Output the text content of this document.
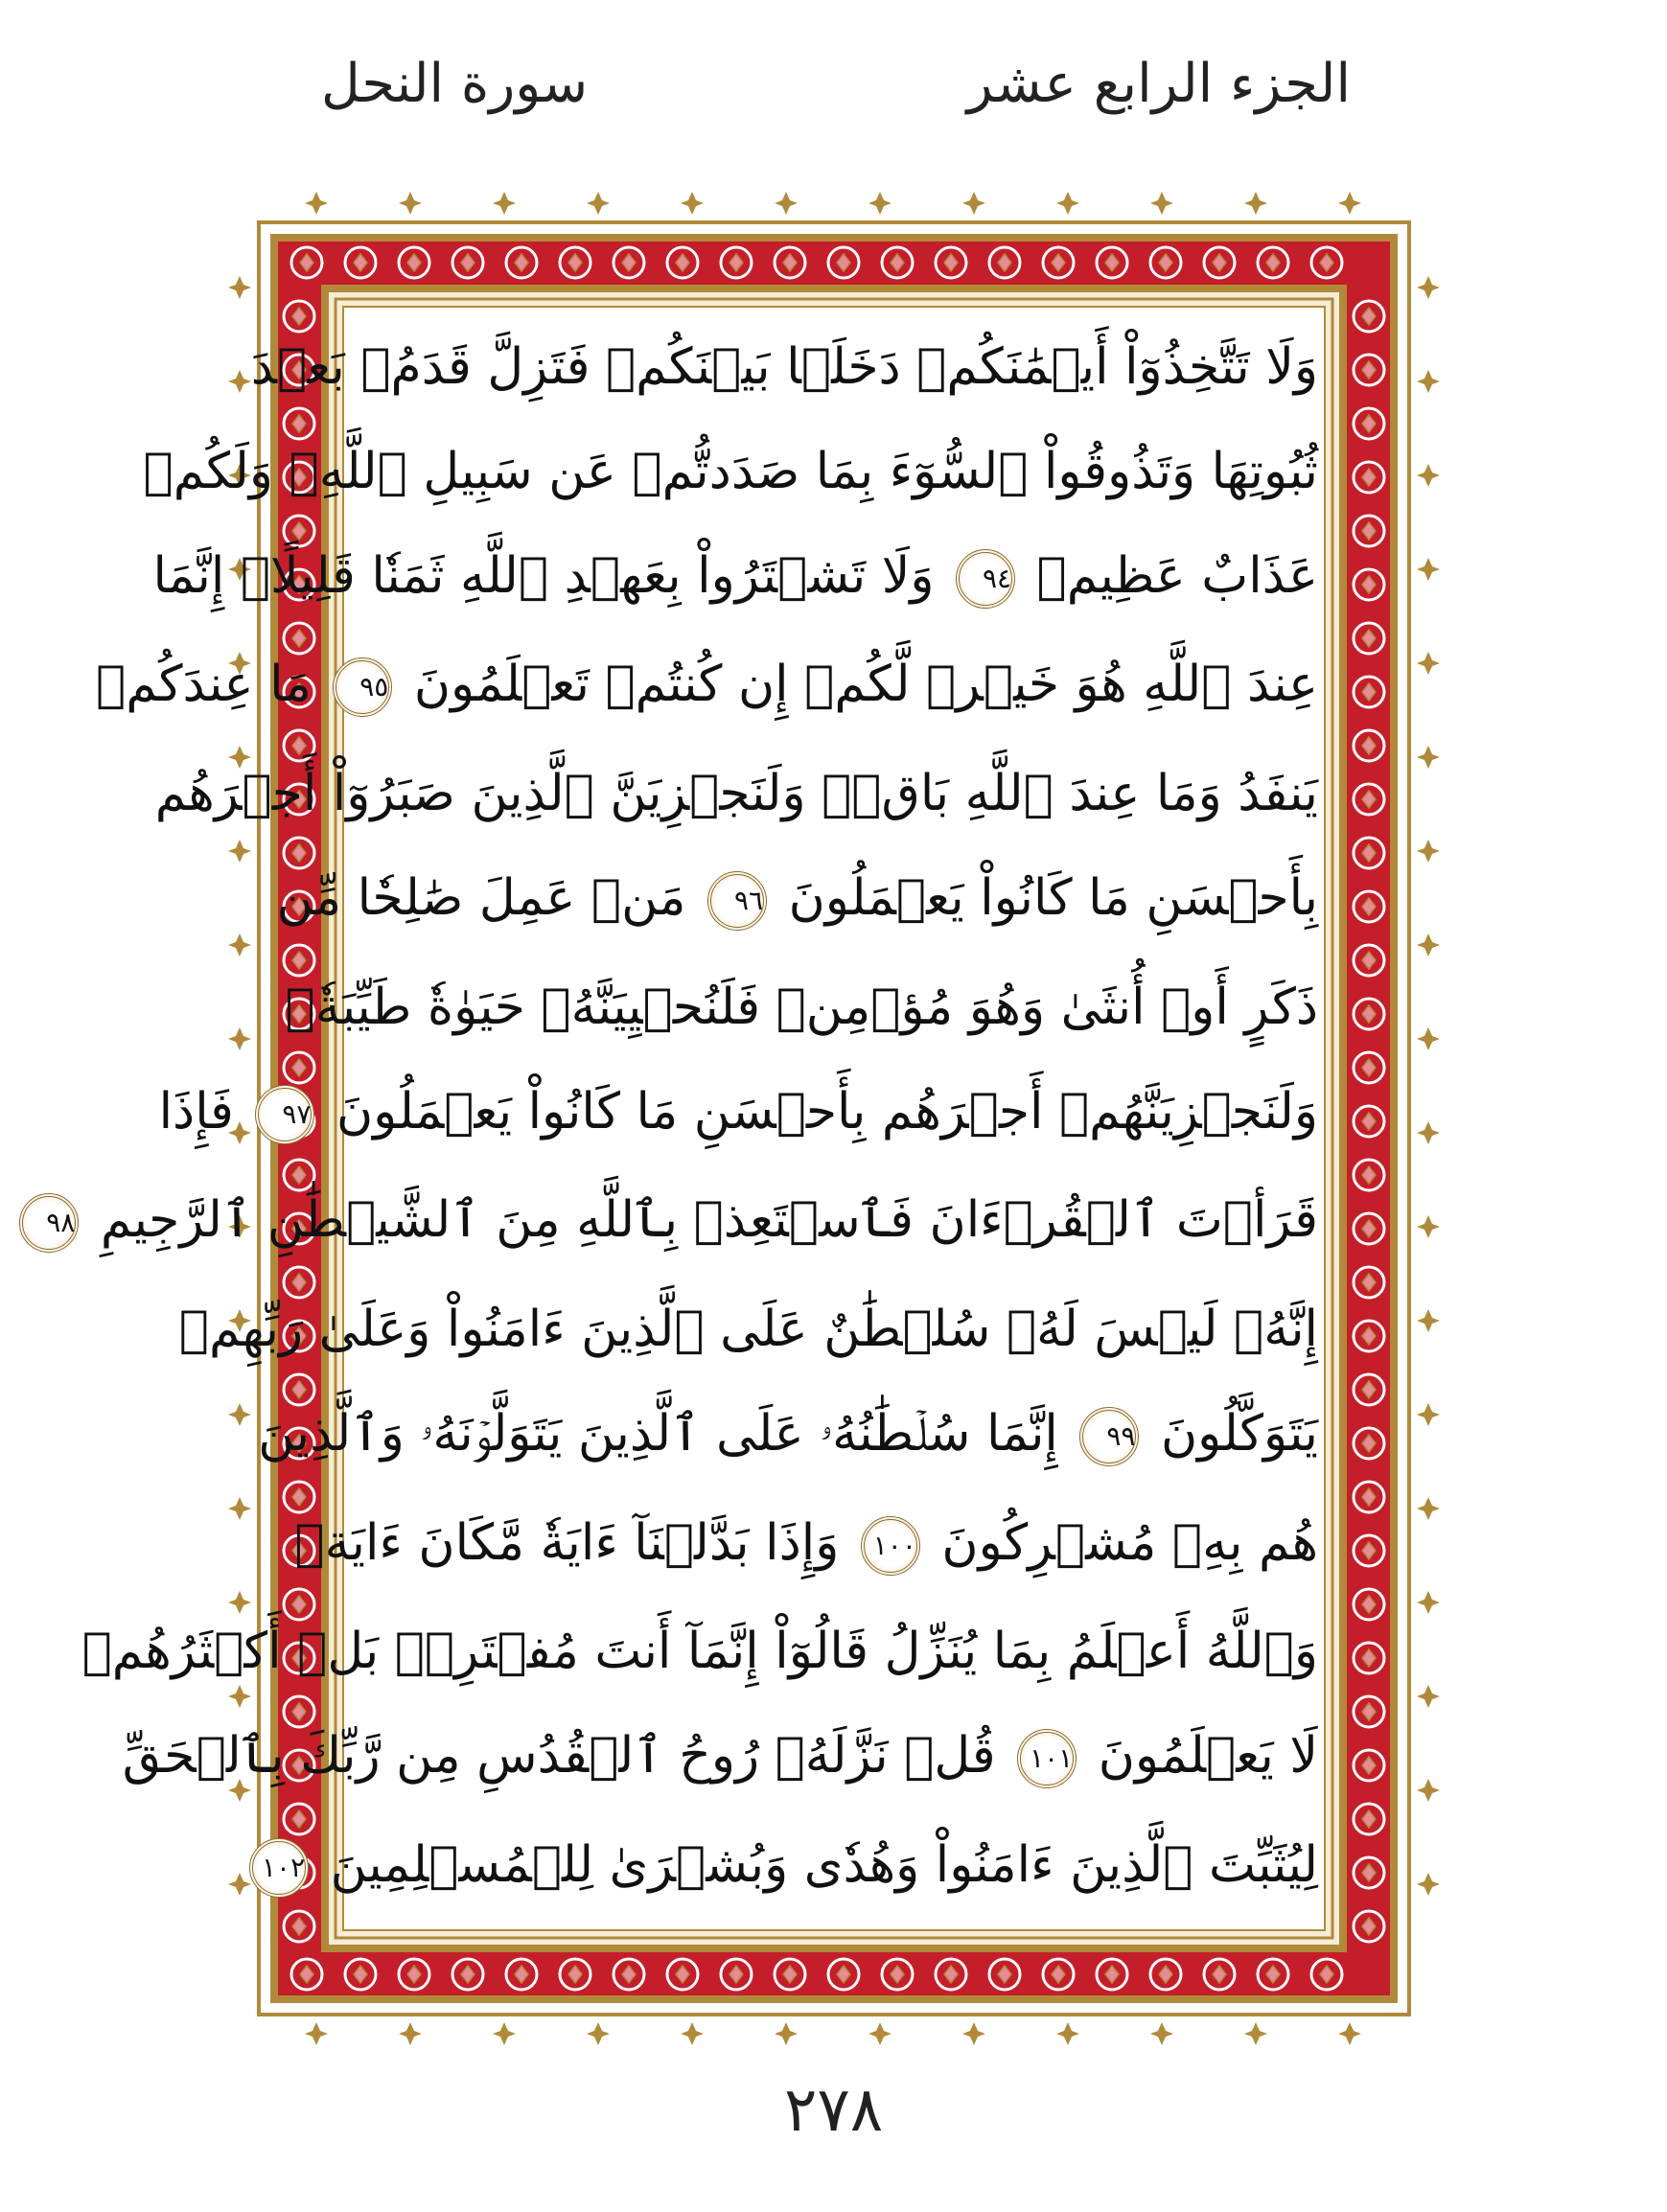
الجزء الرابع عشر
سورة النحل
وَلَا تَتَّخِذُوٓاْ أَيۡمَٰنَكُمۡ دَخَلَۢا بَيۡنَكُمۡ فَتَزِلَّ قَدَمُۢ بَعۡدَ
ثُبُوتِهَا وَتَذُوقُواْ ٱلسُّوٓءَ بِمَا صَدَدتُّمۡ عَن سَبِيلِ ٱللَّهِۖ وَلَكُمۡ
عَذَابٌ عَظِيمٞ ٩٤ وَلَا تَشۡتَرُواْ بِعَهۡدِ ٱللَّهِ ثَمَنٗا قَلِيلًاۚ إِنَّمَا
عِندَ ٱللَّهِ هُوَ خَيۡرٞ لَّكُمۡ إِن كُنتُمۡ تَعۡلَمُونَ ٩٥ مَا عِندَكُمۡ
يَنفَدُ وَمَا عِندَ ٱللَّهِ بَاقٖۗ وَلَنَجۡزِيَنَّ ٱلَّذِينَ صَبَرُوٓاْ أَجۡرَهُم
بِأَحۡسَنِ مَا كَانُواْ يَعۡمَلُونَ ٩٦ مَنۡ عَمِلَ صَٰلِحٗا مِّن
ذَكَرٍ أَوۡ أُنثَىٰ وَهُوَ مُؤۡمِنٞ فَلَنُحۡيِيَنَّهُۥ حَيَوٰةٗ طَيِّبَةٗۖ
وَلَنَجۡزِيَنَّهُمۡ أَجۡرَهُم بِأَحۡسَنِ مَا كَانُواْ يَعۡمَلُونَ ٩٧ فَإِذَا
قَرَأۡتَ ٱلۡقُرۡءَانَ فَٱسۡتَعِذۡ بِٱللَّهِ مِنَ ٱلشَّيۡطَٰنِ ٱلرَّجِيمِ ٩٨
إِنَّهُۥ لَيۡسَ لَهُۥ سُلۡطَٰنٌ عَلَى ٱلَّذِينَ ءَامَنُواْ وَعَلَىٰ رَبِّهِمۡ
يَتَوَكَّلُونَ ٩٩ إِنَّمَا سُلۡطَٰنُهُۥ عَلَى ٱلَّذِينَ يَتَوَلَّوۡنَهُۥ وَٱلَّذِينَ
هُم بِهِۦ مُشۡرِكُونَ ١٠٠ وَإِذَا بَدَّلۡنَآ ءَايَةٗ مَّكَانَ ءَايَةٖ
وَٱللَّهُ أَعۡلَمُ بِمَا يُنَزِّلُ قَالُوٓاْ إِنَّمَآ أَنتَ مُفۡتَرِۭۚ بَلۡ أَكۡثَرُهُمۡ
لَا يَعۡلَمُونَ ١٠١ قُلۡ نَزَّلَهُۥ رُوحُ ٱلۡقُدُسِ مِن رَّبِّكَ بِٱلۡحَقِّ
لِيُثَبِّتَ ٱلَّذِينَ ءَامَنُواْ وَهُدٗى وَبُشۡرَىٰ لِلۡمُسۡلِمِينَ ١٠٢
٢٧٨
